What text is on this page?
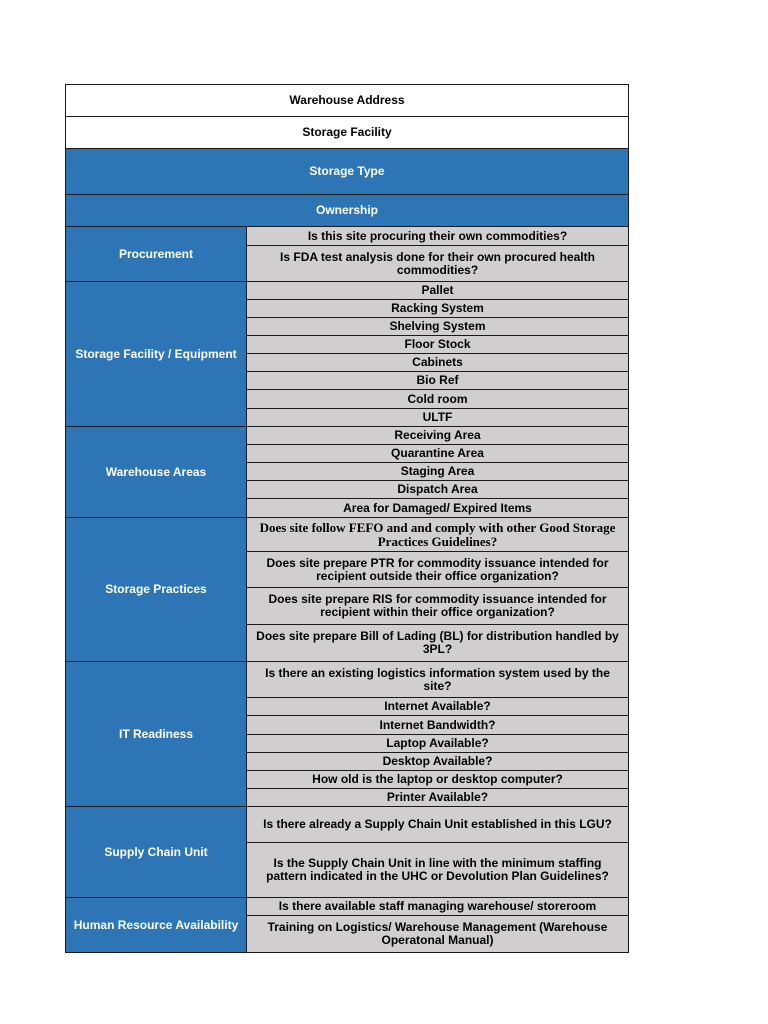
Warehouse Address	
Storage Facility	
Storage Type	
Ownership	
Procurement	Is this site procuring their own commodities?
	Is FDA test analysis done for their own procured health commodities?
Storage Facility / Equipment	Pallet
	Racking System
	Shelving System
	Floor Stock
	Cabinets
	Bio Ref
	Cold room
	ULTF
Warehouse Areas	Receiving Area
	Quarantine Area
	Staging Area
	Dispatch Area
	Area for Damaged/ Expired Items
Storage Practices	Does site follow FEFO and and comply with other Good Storage Practices Guidelines?
	Does site prepare PTR for commodity issuance intended for recipient outside their office organization?
	Does site prepare RIS for commodity issuance intended for recipient within their office organization?
	Does site prepare Bill of Lading (BL) for distribution handled by 3PL?
IT Readiness	Is there an existing logistics information system used by the site?
	Internet Available?
	Internet Bandwidth?
	Laptop Available?
	Desktop Available?
	How old is the laptop or desktop computer?
	Printer Available?
Supply Chain Unit	Is there already a Supply Chain Unit established in this LGU?
	Is the Supply Chain Unit in line with the minimum staffing pattern indicated in the UHC or Devolution Plan Guidelines?
Human Resource Availability	Is there available staff managing warehouse/ storeroom
	Training on Logistics/ Warehouse Management (Warehouse Operatonal Manual)
